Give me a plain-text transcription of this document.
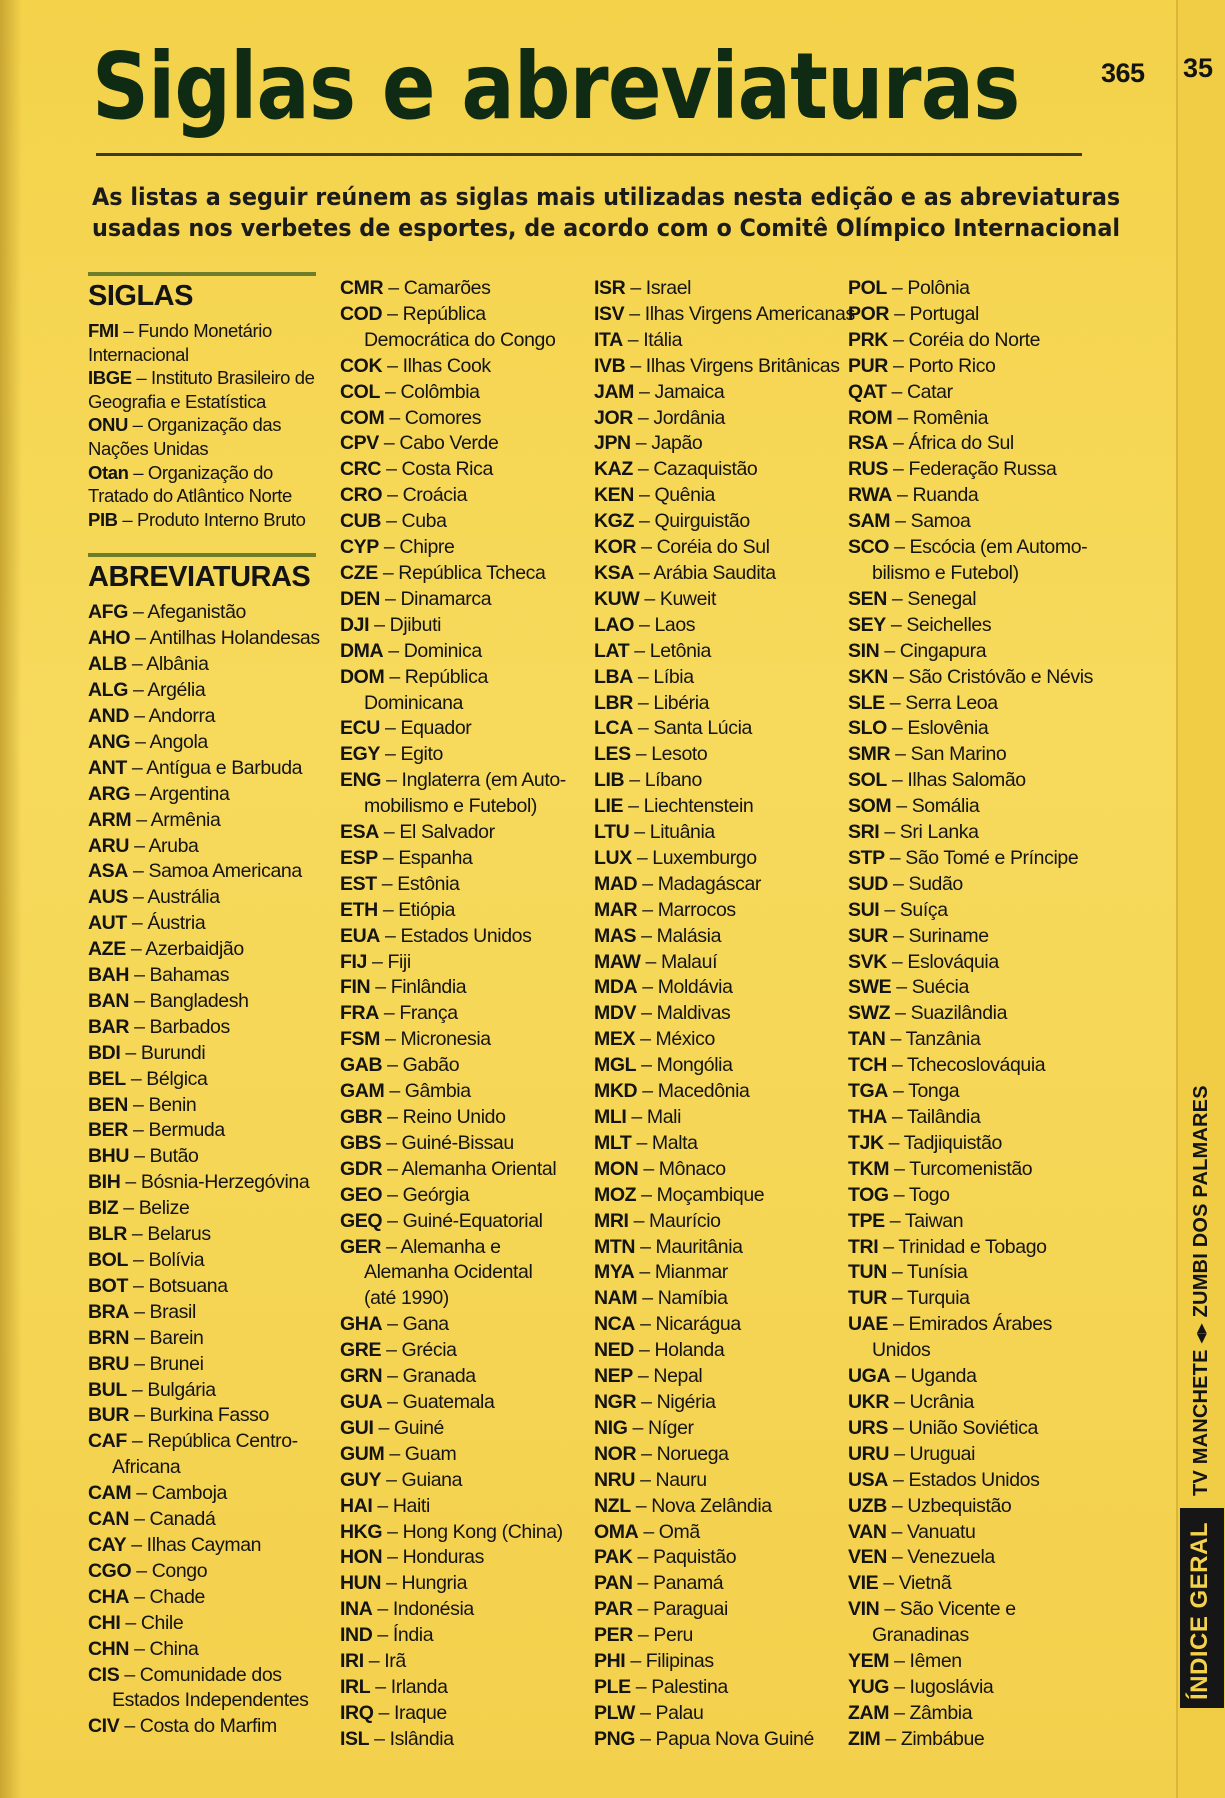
365 35
Siglas e abreviaturas

As listas a seguir reúnem as siglas mais utilizadas nesta edição e as abreviaturas
usadas nos verbetes de esportes, de acordo com o Comitê Olímpico Internacional

SIGLAS
FMI – Fundo Monetário Internacional
IBGE – Instituto Brasileiro de Geografia e Estatística
ONU – Organização das Nações Unidas
Otan – Organização do Tratado do Atlântico Norte
PIB – Produto Interno Bruto
ABREVIATURAS
AFG – Afeganistão
AHO – Antilhas Holandesas
ALB – Albânia
ALG – Argélia
AND – Andorra
ANG – Angola
ANT – Antígua e Barbuda
ARG – Argentina
ARM – Armênia
ARU – Aruba
ASA – Samoa Americana
AUS – Austrália
AUT – Áustria
AZE – Azerbaidjão
BAH – Bahamas
BAN – Bangladesh
BAR – Barbados
BDI – Burundi
BEL – Bélgica
BEN – Benin
BER – Bermuda
BHU – Butão
BIH – Bósnia-Herzegóvina
BIZ – Belize
BLR – Belarus
BOL – Bolívia
BOT – Botsuana
BRA – Brasil
BRN – Barein
BRU – Brunei
BUL – Bulgária
BUR – Burkina Fasso
CAF – República Centro-
Africana
CAM – Camboja
CAN – Canadá
CAY – Ilhas Cayman
CGO – Congo
CHA – Chade
CHI – Chile
CHN – China
CIS – Comunidade dos
Estados Independentes
CIV – Costa do Marfim
CMR – Camarões
COD – República
Democrática do Congo
COK – Ilhas Cook
COL – Colômbia
COM – Comores
CPV – Cabo Verde
CRC – Costa Rica
CRO – Croácia
CUB – Cuba
CYP – Chipre
CZE – República Tcheca
DEN – Dinamarca
DJI – Djibuti
DMA – Dominica
DOM – República
Dominicana
ECU – Equador
EGY – Egito
ENG – Inglaterra (em Auto-
mobilismo e Futebol)
ESA – El Salvador
ESP – Espanha
EST – Estônia
ETH – Etiópia
EUA – Estados Unidos
FIJ – Fiji
FIN – Finlândia
FRA – França
FSM – Micronesia
GAB – Gabão
GAM – Gâmbia
GBR – Reino Unido
GBS – Guiné-Bissau
GDR – Alemanha Oriental
GEO – Geórgia
GEQ – Guiné-Equatorial
GER – Alemanha e
Alemanha Ocidental
(até 1990)
GHA – Gana
GRE – Grécia
GRN – Granada
GUA – Guatemala
GUI – Guiné
GUM – Guam
GUY – Guiana
HAI – Haiti
HKG – Hong Kong (China)
HON – Honduras
HUN – Hungria
INA – Indonésia
IND – Índia
IRI – Irã
IRL – Irlanda
IRQ – Iraque
ISL – Islândia
ISR – Israel
ISV – Ilhas Virgens Americanas
ITA – Itália
IVB – Ilhas Virgens Britânicas
JAM – Jamaica
JOR – Jordânia
JPN – Japão
KAZ – Cazaquistão
KEN – Quênia
KGZ – Quirguistão
KOR – Coréia do Sul
KSA – Arábia Saudita
KUW – Kuweit
LAO – Laos
LAT – Letônia
LBA – Líbia
LBR – Libéria
LCA – Santa Lúcia
LES – Lesoto
LIB – Líbano
LIE – Liechtenstein
LTU – Lituânia
LUX – Luxemburgo
MAD – Madagáscar
MAR – Marrocos
MAS – Malásia
MAW – Malauí
MDA – Moldávia
MDV – Maldivas
MEX – México
MGL – Mongólia
MKD – Macedônia
MLI – Mali
MLT – Malta
MON – Mônaco
MOZ – Moçambique
MRI – Maurício
MTN – Mauritânia
MYA – Mianmar
NAM – Namíbia
NCA – Nicarágua
NED – Holanda
NEP – Nepal
NGR – Nigéria
NIG – Níger
NOR – Noruega
NRU – Nauru
NZL – Nova Zelândia
OMA – Omã
PAK – Paquistão
PAN – Panamá
PAR – Paraguai
PER – Peru
PHI – Filipinas
PLE – Palestina
PLW – Palau
PNG – Papua Nova Guiné
POL – Polônia
POR – Portugal
PRK – Coréia do Norte
PUR – Porto Rico
QAT – Catar
ROM – Romênia
RSA – África do Sul
RUS – Federação Russa
RWA – Ruanda
SAM – Samoa
SCO – Escócia (em Automo-
bilismo e Futebol)
SEN – Senegal
SEY – Seichelles
SIN – Cingapura
SKN – São Cristóvão e Névis
SLE – Serra Leoa
SLO – Eslovênia
SMR – San Marino
SOL – Ilhas Salomão
SOM – Somália
SRI – Sri Lanka
STP – São Tomé e Príncipe
SUD – Sudão
SUI – Suíça
SUR – Suriname
SVK – Eslováquia
SWE – Suécia
SWZ – Suazilândia
TAN – Tanzânia
TCH – Tchecoslováquia
TGA – Tonga
THA – Tailândia
TJK – Tadjiquistão
TKM – Turcomenistão
TOG – Togo
TPE – Taiwan
TRI – Trinidad e Tobago
TUN – Tunísia
TUR – Turquia
UAE – Emirados Árabes
Unidos
UGA – Uganda
UKR – Ucrânia
URS – União Soviética
URU – Uruguai
USA – Estados Unidos
UZB – Uzbequistão
VAN – Vanuatu
VEN – Venezuela
VIE – Vietnã
VIN – São Vicente e
Granadinas
YEM – Iêmen
YUG – Iugoslávia
ZAM – Zâmbia
ZIM – Zimbábue
ÍNDICE GERAL
TV MANCHETE ◂▸ ZUMBI DOS PALMARES
